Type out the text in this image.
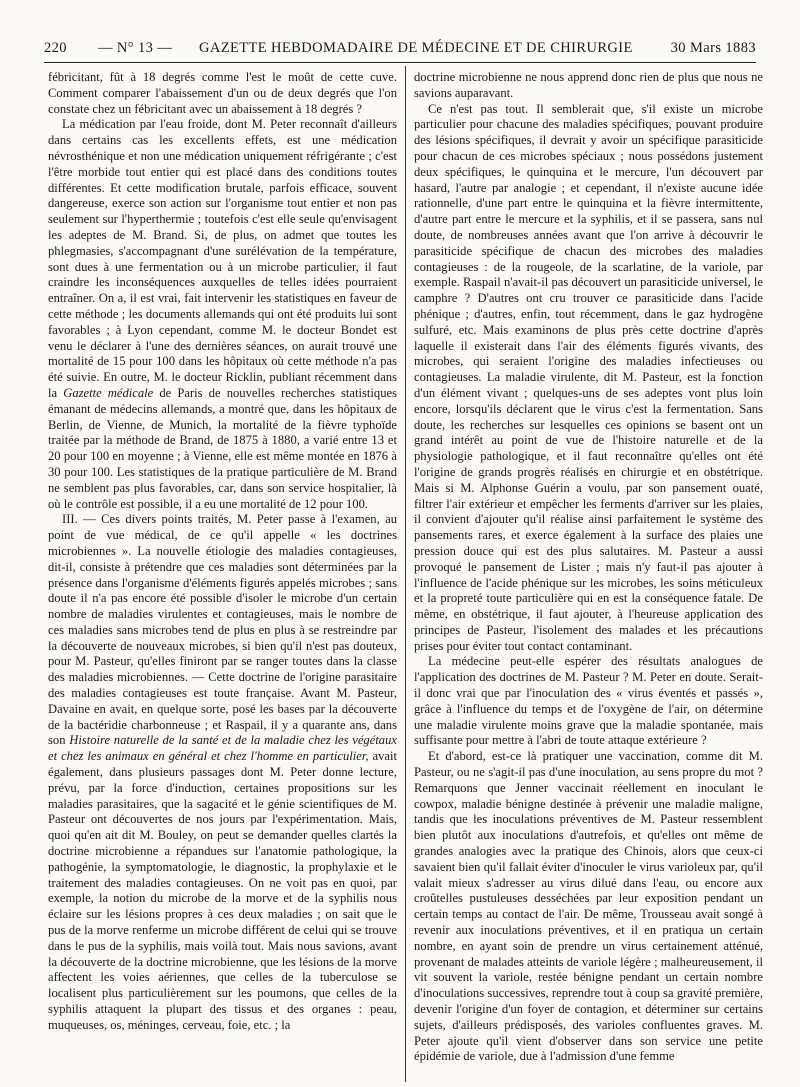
220 — N° 13 — GAZETTE HEBDOMADAIRE DE MÉDECINE ET DE CHIRURGIE	30 Mars 1883

fébricitant, fût à 18 degrés comme l'est le moût de cette cuve. Comment comparer l'abaissement d'un ou de deux degrés que l'on constate chez un fébricitant avec un abaissement à 18 degrés ?

La médication par l'eau froide, dont M. Peter reconnaît d'ailleurs dans certains cas les excellents effets, est une médication névrosthénique et non une médication uniquement réfrigérante ; c'est l'être morbide tout entier qui est placé dans des conditions toutes différentes. Et cette modification brutale, parfois efficace, souvent dangereuse, exerce son action sur l'organisme tout entier et non pas seulement sur l'hyperthermie ; toutefois c'est elle seule qu'envisagent les adeptes de M. Brand. Si, de plus, on admet que toutes les phlegmasies, s'accompagnant d'une surélévation de la température, sont dues à une fermentation ou à un microbe particulier, il faut craindre les inconséquences auxquelles de telles idées pourraient entraîner. On a, il est vrai, fait intervenir les statistiques en faveur de cette méthode ; les documents allemands qui ont été produits lui sont favorables ; à Lyon cependant, comme M. le docteur Bondet est venu le déclarer à l'une des dernières séances, on aurait trouvé une mortalité de 15 pour 100 dans les hôpitaux où cette méthode n'a pas été suivie. En outre, M. le docteur Ricklin, publiant récemment dans la Gazette médicale de Paris de nouvelles recherches statistiques émanant de médecins allemands, a montré que, dans les hôpitaux de Berlin, de Vienne, de Munich, la mortalité de la fièvre typhoïde traitée par la méthode de Brand, de 1875 à 1880, a varié entre 13 et 20 pour 100 en moyenne ; à Vienne, elle est même montée en 1876 à 30 pour 100. Les statistiques de la pratique particulière de M. Brand ne semblent pas plus favorables, car, dans son service hospitalier, là où le contrôle est possible, il a eu une mortalité de 12 pour 100.

III. — Ces divers points traités, M. Peter passe à l'examen, au point de vue médical, de ce qu'il appelle « les doctrines microbiennes ». La nouvelle étiologie des maladies contagieuses, dit-il, consiste à prétendre que ces maladies sont déterminées par la présence dans l'organisme d'éléments figurés appelés microbes ; sans doute il n'a pas encore été possible d'isoler le microbe d'un certain nombre de maladies virulentes et contagieuses, mais le nombre de ces maladies sans microbes tend de plus en plus à se restreindre par la découverte de nouveaux microbes, si bien qu'il n'est pas douteux, pour M. Pasteur, qu'elles finiront par se ranger toutes dans la classe des maladies microbiennes. — Cette doctrine de l'origine parasitaire des maladies contagieuses est toute française. Avant M. Pasteur, Davaine en avait, en quelque sorte, posé les bases par la découverte de la bactéridie charbonneuse ; et Raspail, il y a quarante ans, dans son Histoire naturelle de la santé et de la maladie chez les végétaux et chez les animaux en général et chez l'homme en particulier, avait également, dans plusieurs passages dont M. Peter donne lecture, prévu, par la force d'induction, certaines propositions sur les maladies parasitaires, que la sagacité et le génie scientifiques de M. Pasteur ont découvertes de nos jours par l'expérimentation. Mais, quoi qu'en ait dit M. Bouley, on peut se demander quelles clartés la doctrine microbienne a répandues sur l'anatomie pathologique, la pathogénie, la symptomatologie, le diagnostic, la prophylaxie et le traitement des maladies contagieuses. On ne voit pas en quoi, par exemple, la notion du microbe de la morve et de la syphilis nous éclaire sur les lésions propres à ces deux maladies ; on sait que le pus de la morve renferme un microbe différent de celui qui se trouve dans le pus de la syphilis, mais voilà tout. Mais nous savions, avant la découverte de la doctrine microbienne, que les lésions de la morve affectent les voies aériennes, que celles de la tuberculose se localisent plus particulièrement sur les poumons, que celles de la syphilis attaquent la plupart des tissus et des organes : peau, muqueuses, os, méninges, cerveau, foie, etc. ; la

doctrine microbienne ne nous apprend donc rien de plus que nous ne savions auparavant.

Ce n'est pas tout. Il semblerait que, s'il existe un microbe particulier pour chacune des maladies spécifiques, pouvant produire des lésions spécifiques, il devrait y avoir un spécifique parasiticide pour chacun de ces microbes spéciaux ; nous possédons justement deux spécifiques, le quinquina et le mercure, l'un découvert par hasard, l'autre par analogie ; et cependant, il n'existe aucune idée rationnelle, d'une part entre le quinquina et la fièvre intermittente, d'autre part entre le mercure et la syphilis, et il se passera, sans nul doute, de nombreuses années avant que l'on arrive à découvrir le parasiticide spécifique de chacun des microbes des maladies contagieuses : de la rougeole, de la scarlatine, de la variole, par exemple. Raspail n'avait-il pas découvert un parasiticide universel, le camphre ? D'autres ont cru trouver ce parasiticide dans l'acide phénique ; d'autres, enfin, tout récemment, dans le gaz hydrogène sulfuré, etc. Mais examinons de plus près cette doctrine d'après laquelle il existerait dans l'air des éléments figurés vivants, des microbes, qui seraient l'origine des maladies infectieuses ou contagieuses. La maladie virulente, dit M. Pasteur, est la fonction d'un élément vivant ; quelques-uns de ses adeptes vont plus loin encore, lorsqu'ils déclarent que le virus c'est la fermentation. Sans doute, les recherches sur lesquelles ces opinions se basent ont un grand intérêt au point de vue de l'histoire naturelle et de la physiologie pathologique, et il faut reconnaître qu'elles ont été l'origine de grands progrès réalisés en chirurgie et en obstétrique. Mais si M. Alphonse Guérin a voulu, par son pansement ouaté, filtrer l'air extérieur et empêcher les ferments d'arriver sur les plaies, il convient d'ajouter qu'il réalise ainsi parfaitement le système des pansements rares, et exerce également à la surface des plaies une pression douce qui est des plus salutaires. M. Pasteur a aussi provoqué le pansement de Lister ; mais n'y faut-il pas ajouter à l'influence de l'acide phénique sur les microbes, les soins méticuleux et la propreté toute particulière qui en est la conséquence fatale. De même, en obstétrique, il faut ajouter, à l'heureuse application des principes de Pasteur, l'isolement des malades et les précautions prises pour éviter tout contact contaminant.

La médecine peut-elle espérer des résultats analogues de l'application des doctrines de M. Pasteur ? M. Peter en doute. Serait-il donc vrai que par l'inoculation des « virus éventés et passés », grâce à l'influence du temps et de l'oxygène de l'air, on détermine une maladie virulente moins grave que la maladie spontanée, mais suffisante pour mettre à l'abri de toute attaque extérieure ?

Et d'abord, est-ce là pratiquer une vaccination, comme dit M. Pasteur, ou ne s'agit-il pas d'une inoculation, au sens propre du mot ? Remarquons que Jenner vaccinait réellement en inoculant le cowpox, maladie bénigne destinée à prévenir une maladie maligne, tandis que les inoculations préventives de M. Pasteur ressemblent bien plutôt aux inoculations d'autrefois, et qu'elles ont même de grandes analogies avec la pratique des Chinois, alors que ceux-ci savaient bien qu'il fallait éviter d'inoculer le virus varioleux par, qu'il valait mieux s'adresser au virus dilué dans l'eau, ou encore aux croûtelles pustuleuses desséchées par leur exposition pendant un certain temps au contact de l'air. De même, Trousseau avait songé à revenir aux inoculations préventives, et il en pratiqua un certain nombre, en ayant soin de prendre un virus certainement atténué, provenant de malades atteints de variole légère ; malheureusement, il vit souvent la variole, restée bénigne pendant un certain nombre d'inoculations successives, reprendre tout à coup sa gravité première, devenir l'origine d'un foyer de contagion, et déterminer sur certains sujets, d'ailleurs prédisposés, des varioles confluentes graves. M. Peter ajoute qu'il vient d'observer dans son service une petite épidémie de variole, due à l'admission d'une femme
